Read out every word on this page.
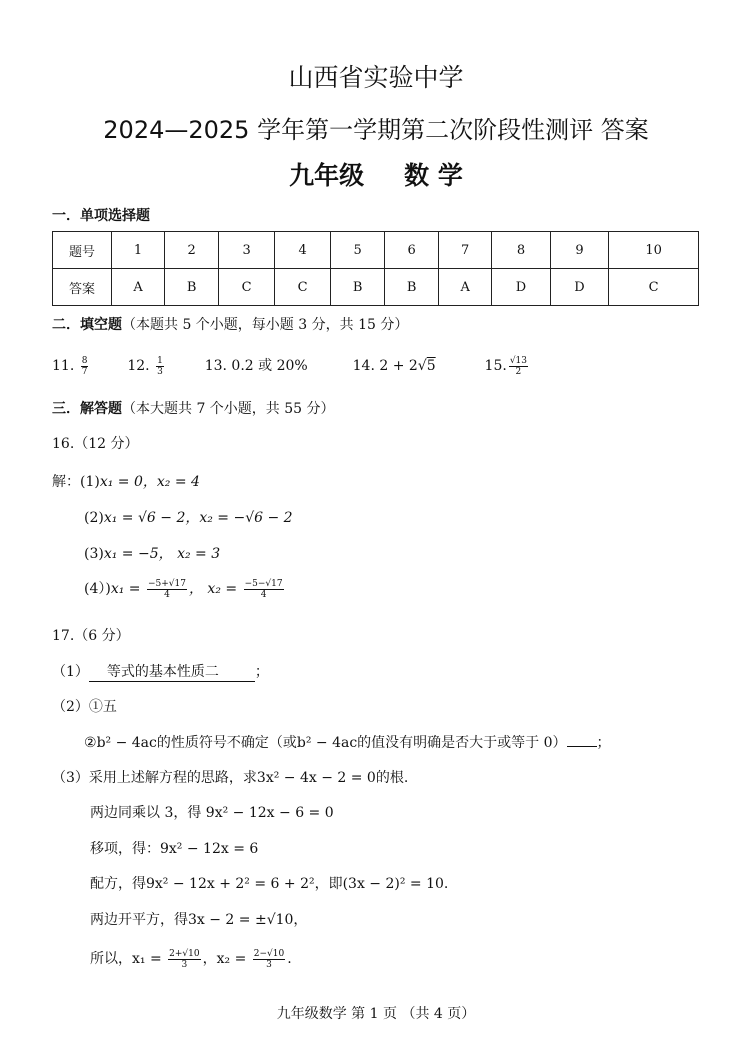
山西省实验中学
2024—2025 学年第一学期第二次阶段性测评 答案
九年级 数 学
一．单项选择题
题号	1	2	3	4	5	6	7	8	9	10
答案	A	B	C	C	B	B	A	D	D	C
二．填空题（本题共 5 个小题，每小题 3 分，共 15 分）
11. $\frac{8}{7}$	12. $\frac{1}{3}$	13. 0.2 或 20%	14. 2 + 2√5	15. $\frac{√13}{2}$
三．解答题（本大题共 7 个小题，共 55 分）
16.（12 分）
解：(1)x₁ = 0，x₂ = 4
(2)x₁ = √6 − 2，x₂ = −√6 − 2
(3)x₁ = −5， x₂ = 3
$(4))x_1 = \frac{-5+√17}{4}$ ， $x_2 = \frac{-5-√17}{4}$
17.（6 分）
（1） 等式的基本性质二	；
（2）①五
②b² − 4ac的性质符号不确定（或b² − 4ac的值没有明确是否大于或等于 0） ；
（3）采用上述解方程的思路，求3x² − 4x − 2 = 0的根.
两边同乘以 3，得 9x² − 12x − 6 = 0
移项，得：9x² − 12x = 6
配方，得9x² − 12x + 2² = 6 + 2²，即(3x − 2)² = 10.
两边开平方，得3x − 2 = ±√10，
所以，$x_1 = \frac{2+√10}{3}$ ，$x_2 = \frac{2-√10}{3}$ .
九年级数学 第 1 页 （共 4 页）
